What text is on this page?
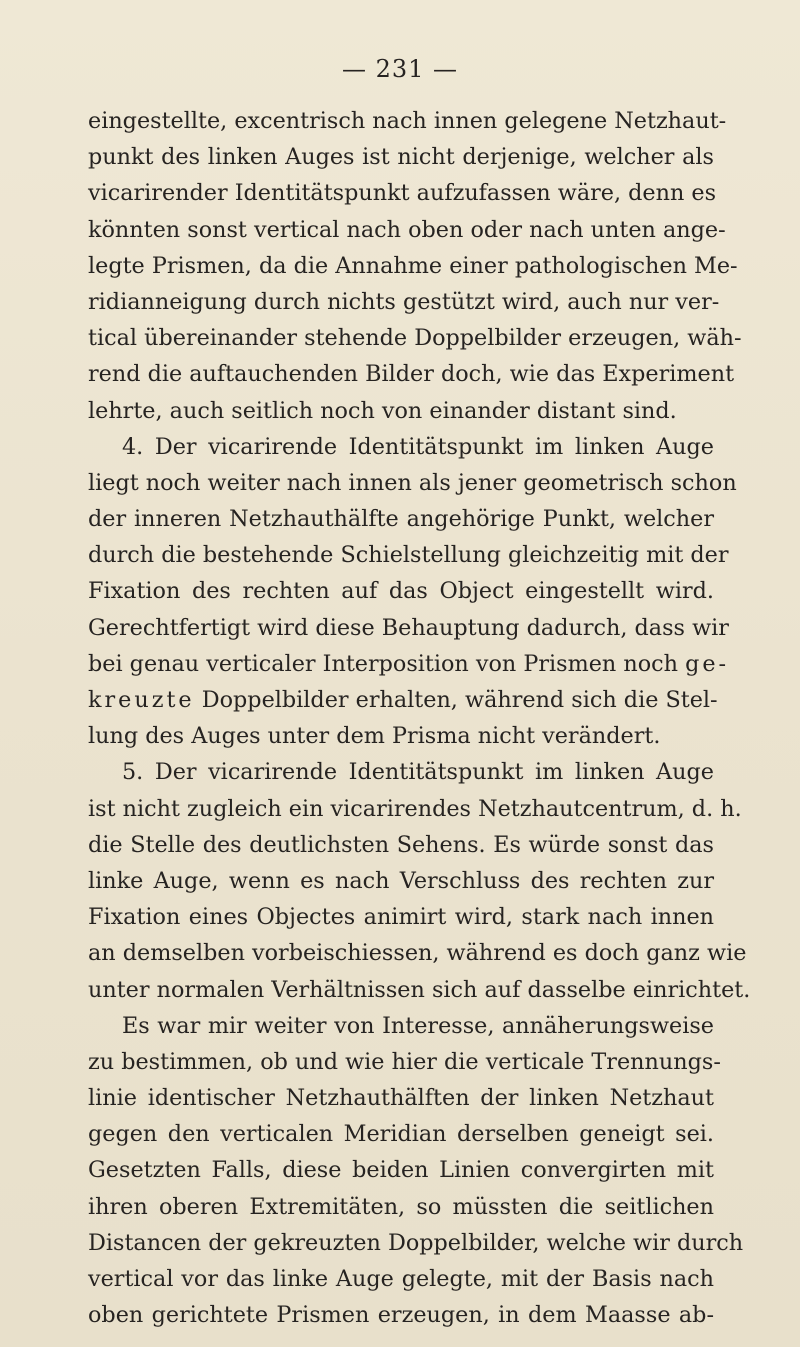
— 231 —
eingestellte, excentrisch nach innen gelegene Netzhaut-
punkt des linken Auges ist nicht derjenige, welcher als
vicarirender Identitätspunkt aufzufassen wäre, denn es
könnten sonst vertical nach oben oder nach unten ange-
legte Prismen, da die Annahme einer pathologischen Me-
ridianneigung durch nichts gestützt wird, auch nur ver-
tical übereinander stehende Doppelbilder erzeugen, wäh-
rend die auftauchenden Bilder doch, wie das Experiment
lehrte, auch seitlich noch von einander distant sind.
4. Der vicarirende Identitätspunkt im linken Auge
liegt noch weiter nach innen als jener geometrisch schon
der inneren Netzhauthälfte angehörige Punkt, welcher
durch die bestehende Schielstellung gleichzeitig mit der
Fixation des rechten auf das Object eingestellt wird.
Gerechtfertigt wird diese Behauptung dadurch, dass wir
bei genau verticaler Interposition von Prismen noch ge-
kreuzte Doppelbilder erhalten, während sich die Stel-
lung des Auges unter dem Prisma nicht verändert.
5. Der vicarirende Identitätspunkt im linken Auge
ist nicht zugleich ein vicarirendes Netzhautcentrum, d. h.
die Stelle des deutlichsten Sehens. Es würde sonst das
linke Auge, wenn es nach Verschluss des rechten zur
Fixation eines Objectes animirt wird, stark nach innen
an demselben vorbeischiessen, während es doch ganz wie
unter normalen Verhältnissen sich auf dasselbe einrichtet.
Es war mir weiter von Interesse, annäherungsweise
zu bestimmen, ob und wie hier die verticale Trennungs-
linie identischer Netzhauthälften der linken Netzhaut
gegen den verticalen Meridian derselben geneigt sei.
Gesetzten Falls, diese beiden Linien convergirten mit
ihren oberen Extremitäten, so müssten die seitlichen
Distancen der gekreuzten Doppelbilder, welche wir durch
vertical vor das linke Auge gelegte, mit der Basis nach
oben gerichtete Prismen erzeugen, in dem Maasse ab-
